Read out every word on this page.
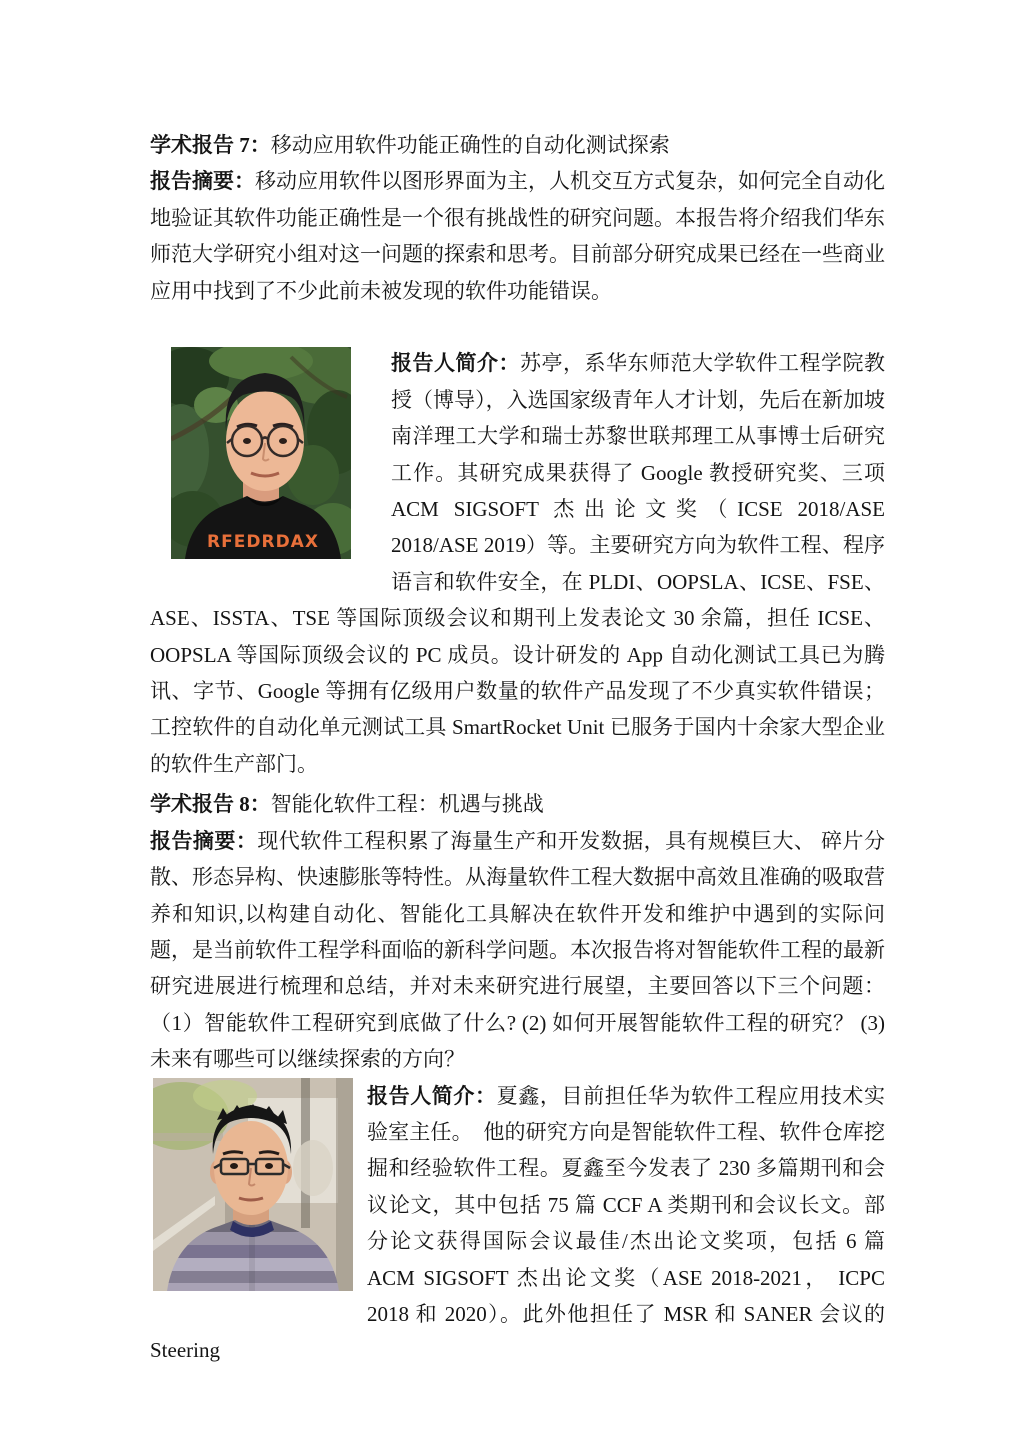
学术报告 7：移动应用软件功能正确性的自动化测试探索

报告摘要：移动应用软件以图形界面为主，人机交互方式复杂，如何完全自动化地验证其软件功能正确性是一个很有挑战性的研究问题。本报告将介绍我们华东师范大学研究小组对这一问题的探索和思考。目前部分研究成果已经在一些商业应用中找到了不少此前未被发现的软件功能错误。

RFEDRDAX

报告人简介：苏亭，系华东师范大学软件工程学院教授（博导），入选国家级青年人才计划，先后在新加坡南洋理工大学和瑞士苏黎世联邦理工从事博士后研究工作。其研究成果获得了 Google 教授研究奖、三项 ACM SIGSOFT 杰出论文奖（ICSE 2018/ASE 2018/ASE 2019）等。主要研究方向为软件工程、程序语言和软件安全，在 PLDI、OOPSLA、ICSE、FSE、ASE、ISSTA、TSE 等国际顶级会议和期刊上发表论文 30 余篇，担任 ICSE、OOPSLA 等国际顶级会议的 PC 成员。设计研发的 App 自动化测试工具已为腾讯、字节、Google 等拥有亿级用户数量的软件产品发现了不少真实软件错误；工控软件的自动化单元测试工具 SmartRocket Unit 已服务于国内十余家大型企业的软件生产部门。

学术报告 8：智能化软件工程：机遇与挑战

报告摘要：现代软件工程积累了海量生产和开发数据，具有规模巨大、 碎片分散、形态异构、快速膨胀等特性。从海量软件工程大数据中高效且准确的吸取营养和知识,以构建自动化、智能化工具解决在软件开发和维护中遇到的实际问题，是当前软件工程学科面临的新科学问题。本次报告将对智能软件工程的最新研究进展进行梳理和总结，并对未来研究进行展望，主要回答以下三个问题：（1）智能软件工程研究到底做了什么? (2) 如何开展智能软件工程的研究？ (3) 未来有哪些可以继续探索的方向？

报告人简介：夏鑫，目前担任华为软件工程应用技术实验室主任。　他的研究方向是智能软件工程、软件仓库挖掘和经验软件工程。夏鑫至今发表了 230 多篇期刊和会议论文，其中包括 75 篇 CCF A 类期刊和会议长文。部分论文获得国际会议最佳/杰出论文奖项，包括 6 篇 ACM SIGSOFT 杰出论文奖（ASE 2018-2021， ICPC 2018 和 2020）。此外他担任了 MSR 和 SANER 会议的 Steering
